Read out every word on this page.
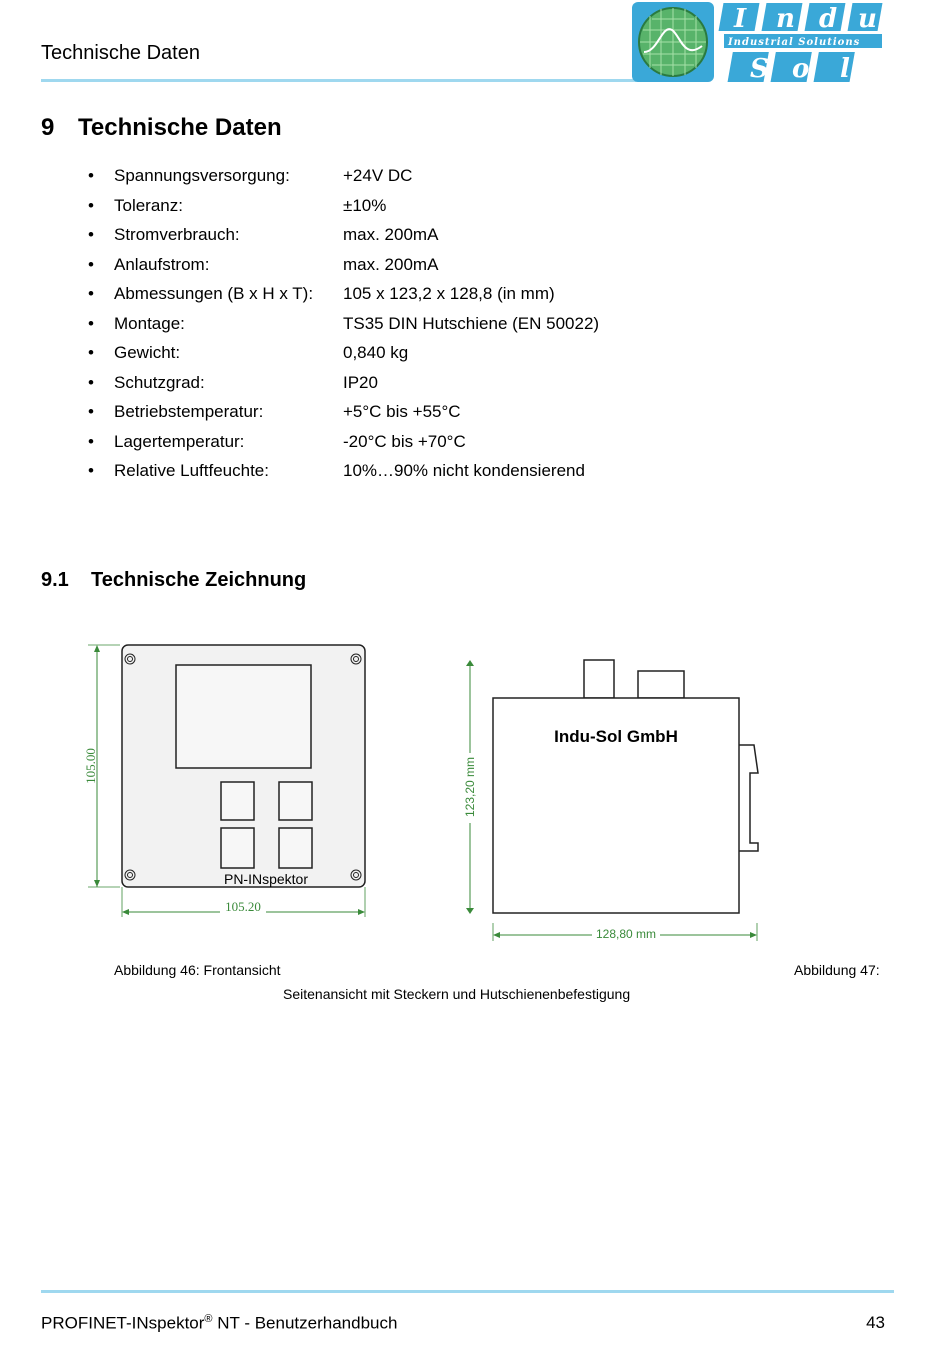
Technische Daten
I n d u
Industrial Solutions
S o l
9 Technische Daten
• Spannungsversorgung:	+24V DC
• Toleranz:	±10%
• Stromverbrauch:	max. 200mA
• Anlaufstrom:	max. 200mA
• Abmessungen (B x H x T): 105 x 123,2 x 128,8 (in mm)
• Montage:	TS35 DIN Hutschiene (EN 50022)
• Gewicht:	0,840 kg
• Schutzgrad:	IP20
• Betriebstemperatur:	+5°C bis +55°C
• Lagertemperatur:	-20°C bis +70°C
• Relative Luftfeuchte:	10%…90% nicht kondensierend
9.1 Technische Zeichnung
PN-INspektor
105.00
105.20
Indu-Sol GmbH
123,20 mm
128,80 mm
Abbildung 46: Frontansicht	Abbildung 47:
Seitenansicht mit Steckern und Hutschienenbefestigung
PROFINET-INspektor® NT - Benutzerhandbuch	43
